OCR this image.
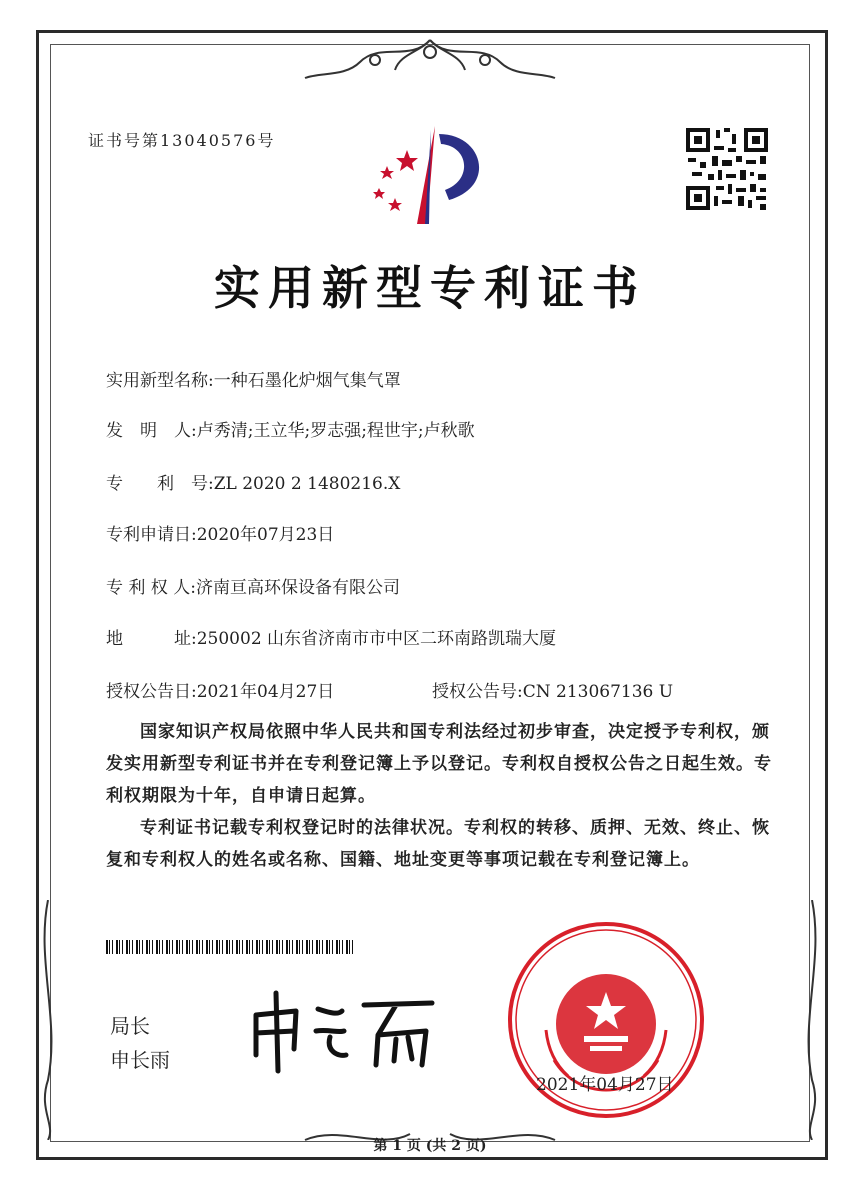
证书号第13040576号
实用新型专利证书
实用新型名称:一种石墨化炉烟气集气罩
发　明　人:卢秀清;王立华;罗志强;程世宇;卢秋歌
专　　利　号:ZL 2020 2 1480216.X
专利申请日:2020年07月23日
专 利 权 人:济南亘高环保设备有限公司
地　　　址:250002 山东省济南市市中区二环南路凯瑞大厦
授权公告日:2021年04月27日	授权公告号:CN 213067136 U
国家知识产权局依照中华人民共和国专利法经过初步审查，决定授予专利权，颁发实用新型专利证书并在专利登记簿上予以登记。专利权自授权公告之日起生效。专利权期限为十年，自申请日起算。
专利证书记载专利权登记时的法律状况。专利权的转移、质押、无效、终止、恢复和专利权人的姓名或名称、国籍、地址变更等事项记载在专利登记簿上。
局长
申长雨
2021年04月27日
第 1 页 (共 2 页)
